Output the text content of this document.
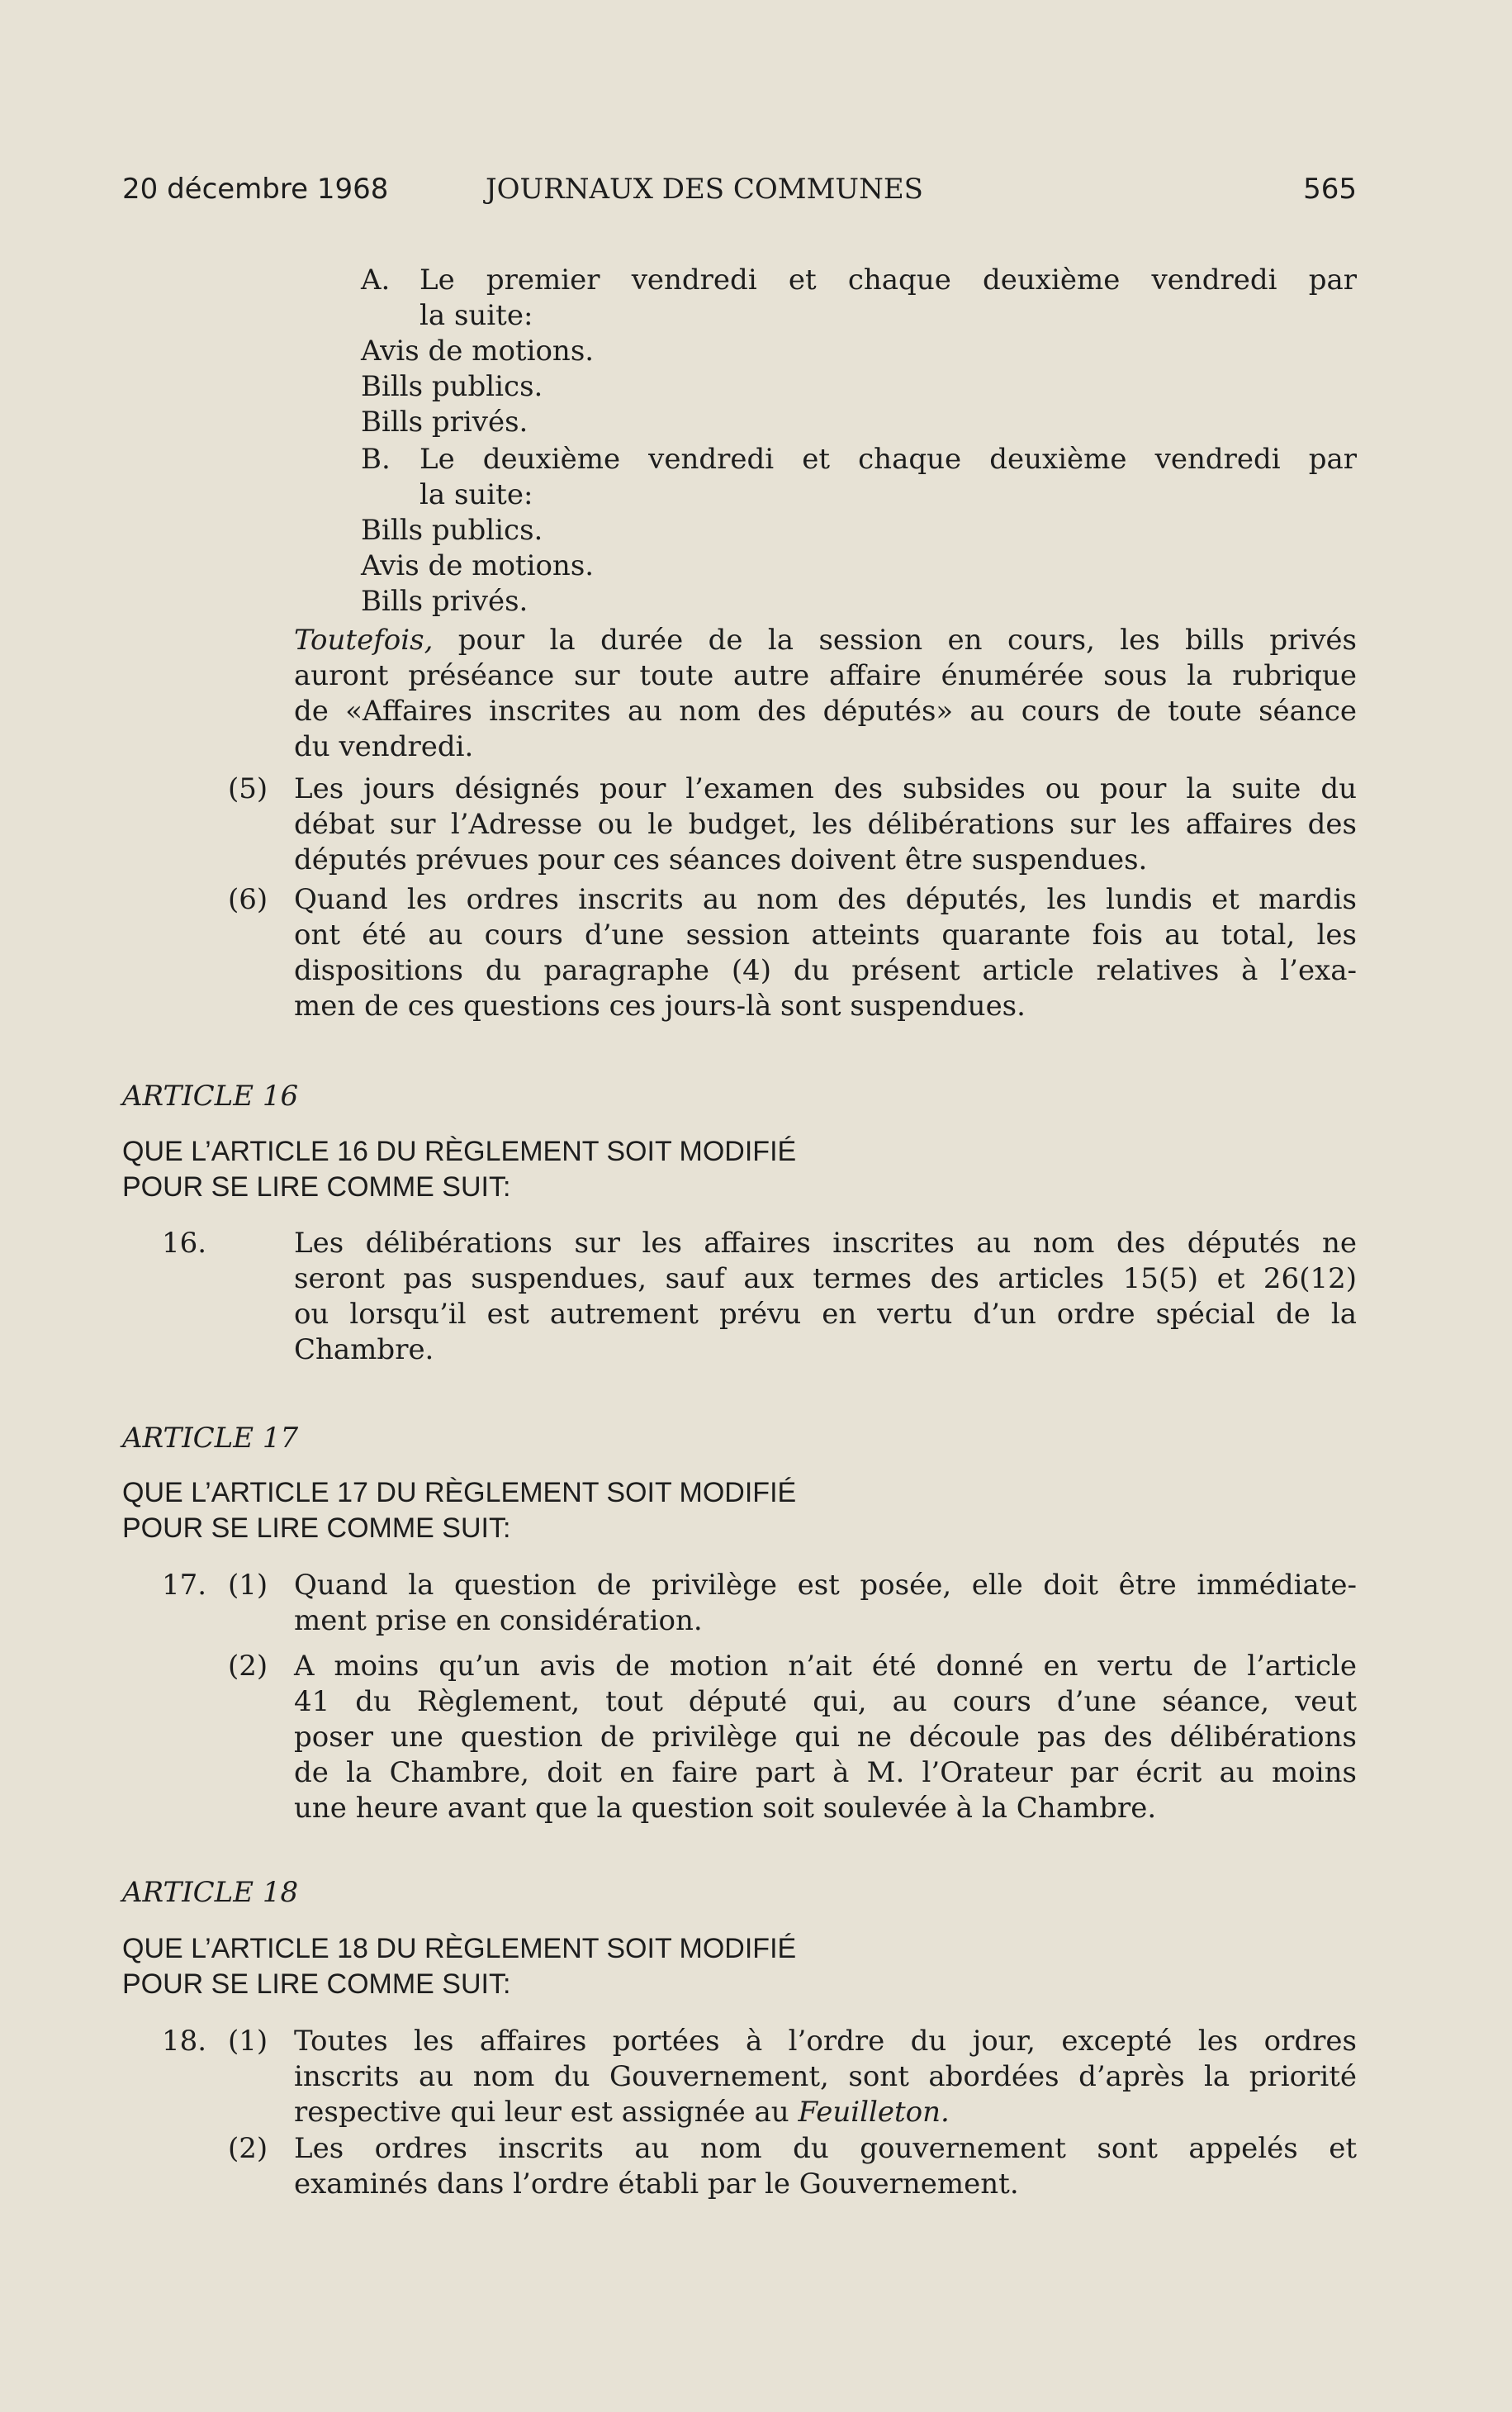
20 décembre 1968	JOURNAUX DES COMMUNES	565
A. Le premier vendredi et chaque deuxième vendredi par
la suite:
Avis de motions.
Bills publics.
Bills privés.
B. Le deuxième vendredi et chaque deuxième vendredi par
la suite:
Bills publics.
Avis de motions.
Bills privés.
Toutefois, pour la durée de la session en cours, les bills privés
auront préséance sur toute autre affaire énumérée sous la rubrique
de «Affaires inscrites au nom des députés» au cours de toute séance
du vendredi.
(5) Les jours désignés pour l’examen des subsides ou pour la suite du
débat sur l’Adresse ou le budget, les délibérations sur les affaires des
députés prévues pour ces séances doivent être suspendues.
(6) Quand les ordres inscrits au nom des députés, les lundis et mardis
ont été au cours d’une session atteints quarante fois au total, les
dispositions du paragraphe (4) du présent article relatives à l’exa-
men de ces questions ces jours-là sont suspendues.
ARTICLE 16
QUE L’ARTICLE 16 DU RÈGLEMENT SOIT MODIFIÉ
POUR SE LIRE COMME SUIT:
16.	Les délibérations sur les affaires inscrites au nom des députés ne
seront pas suspendues, sauf aux termes des articles 15(5) et 26(12)
ou lorsqu’il est autrement prévu en vertu d’un ordre spécial de la
Chambre.
ARTICLE 17
QUE L’ARTICLE 17 DU RÈGLEMENT SOIT MODIFIÉ
POUR SE LIRE COMME SUIT:
17. (1) Quand la question de privilège est posée, elle doit être immédiate-
ment prise en considération.
(2) A moins qu’un avis de motion n’ait été donné en vertu de l’article
41 du Règlement, tout député qui, au cours d’une séance, veut
poser une question de privilège qui ne découle pas des délibérations
de la Chambre, doit en faire part à M. l’Orateur par écrit au moins
une heure avant que la question soit soulevée à la Chambre.
ARTICLE 18
QUE L’ARTICLE 18 DU RÈGLEMENT SOIT MODIFIÉ
POUR SE LIRE COMME SUIT:
18. (1) Toutes les affaires portées à l’ordre du jour, excepté les ordres
inscrits au nom du Gouvernement, sont abordées d’après la priorité
respective qui leur est assignée au Feuilleton.
(2) Les ordres inscrits au nom du gouvernement sont appelés et
examinés dans l’ordre établi par le Gouvernement.
